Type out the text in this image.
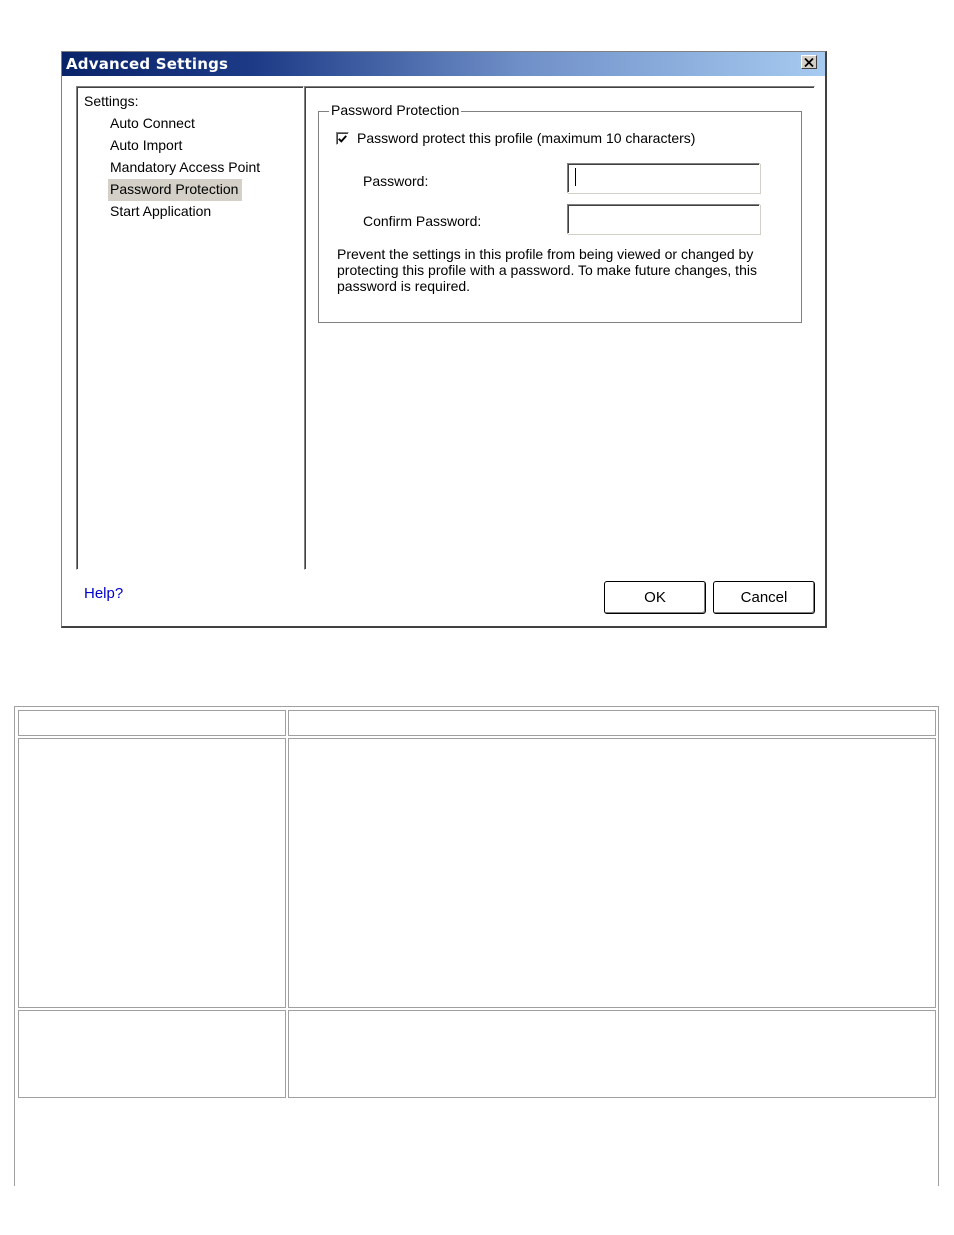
Advanced Settings
Settings:
Auto Connect
Auto Import
Mandatory Access Point
Password Protection
Start Application
Password Protection
Password protect this profile (maximum 10 characters)
Password:
Confirm Password:
Prevent the settings in this profile from being viewed or changed by protecting this profile with a password. To make future changes, this password is required.
Help?	OK	Cancel
